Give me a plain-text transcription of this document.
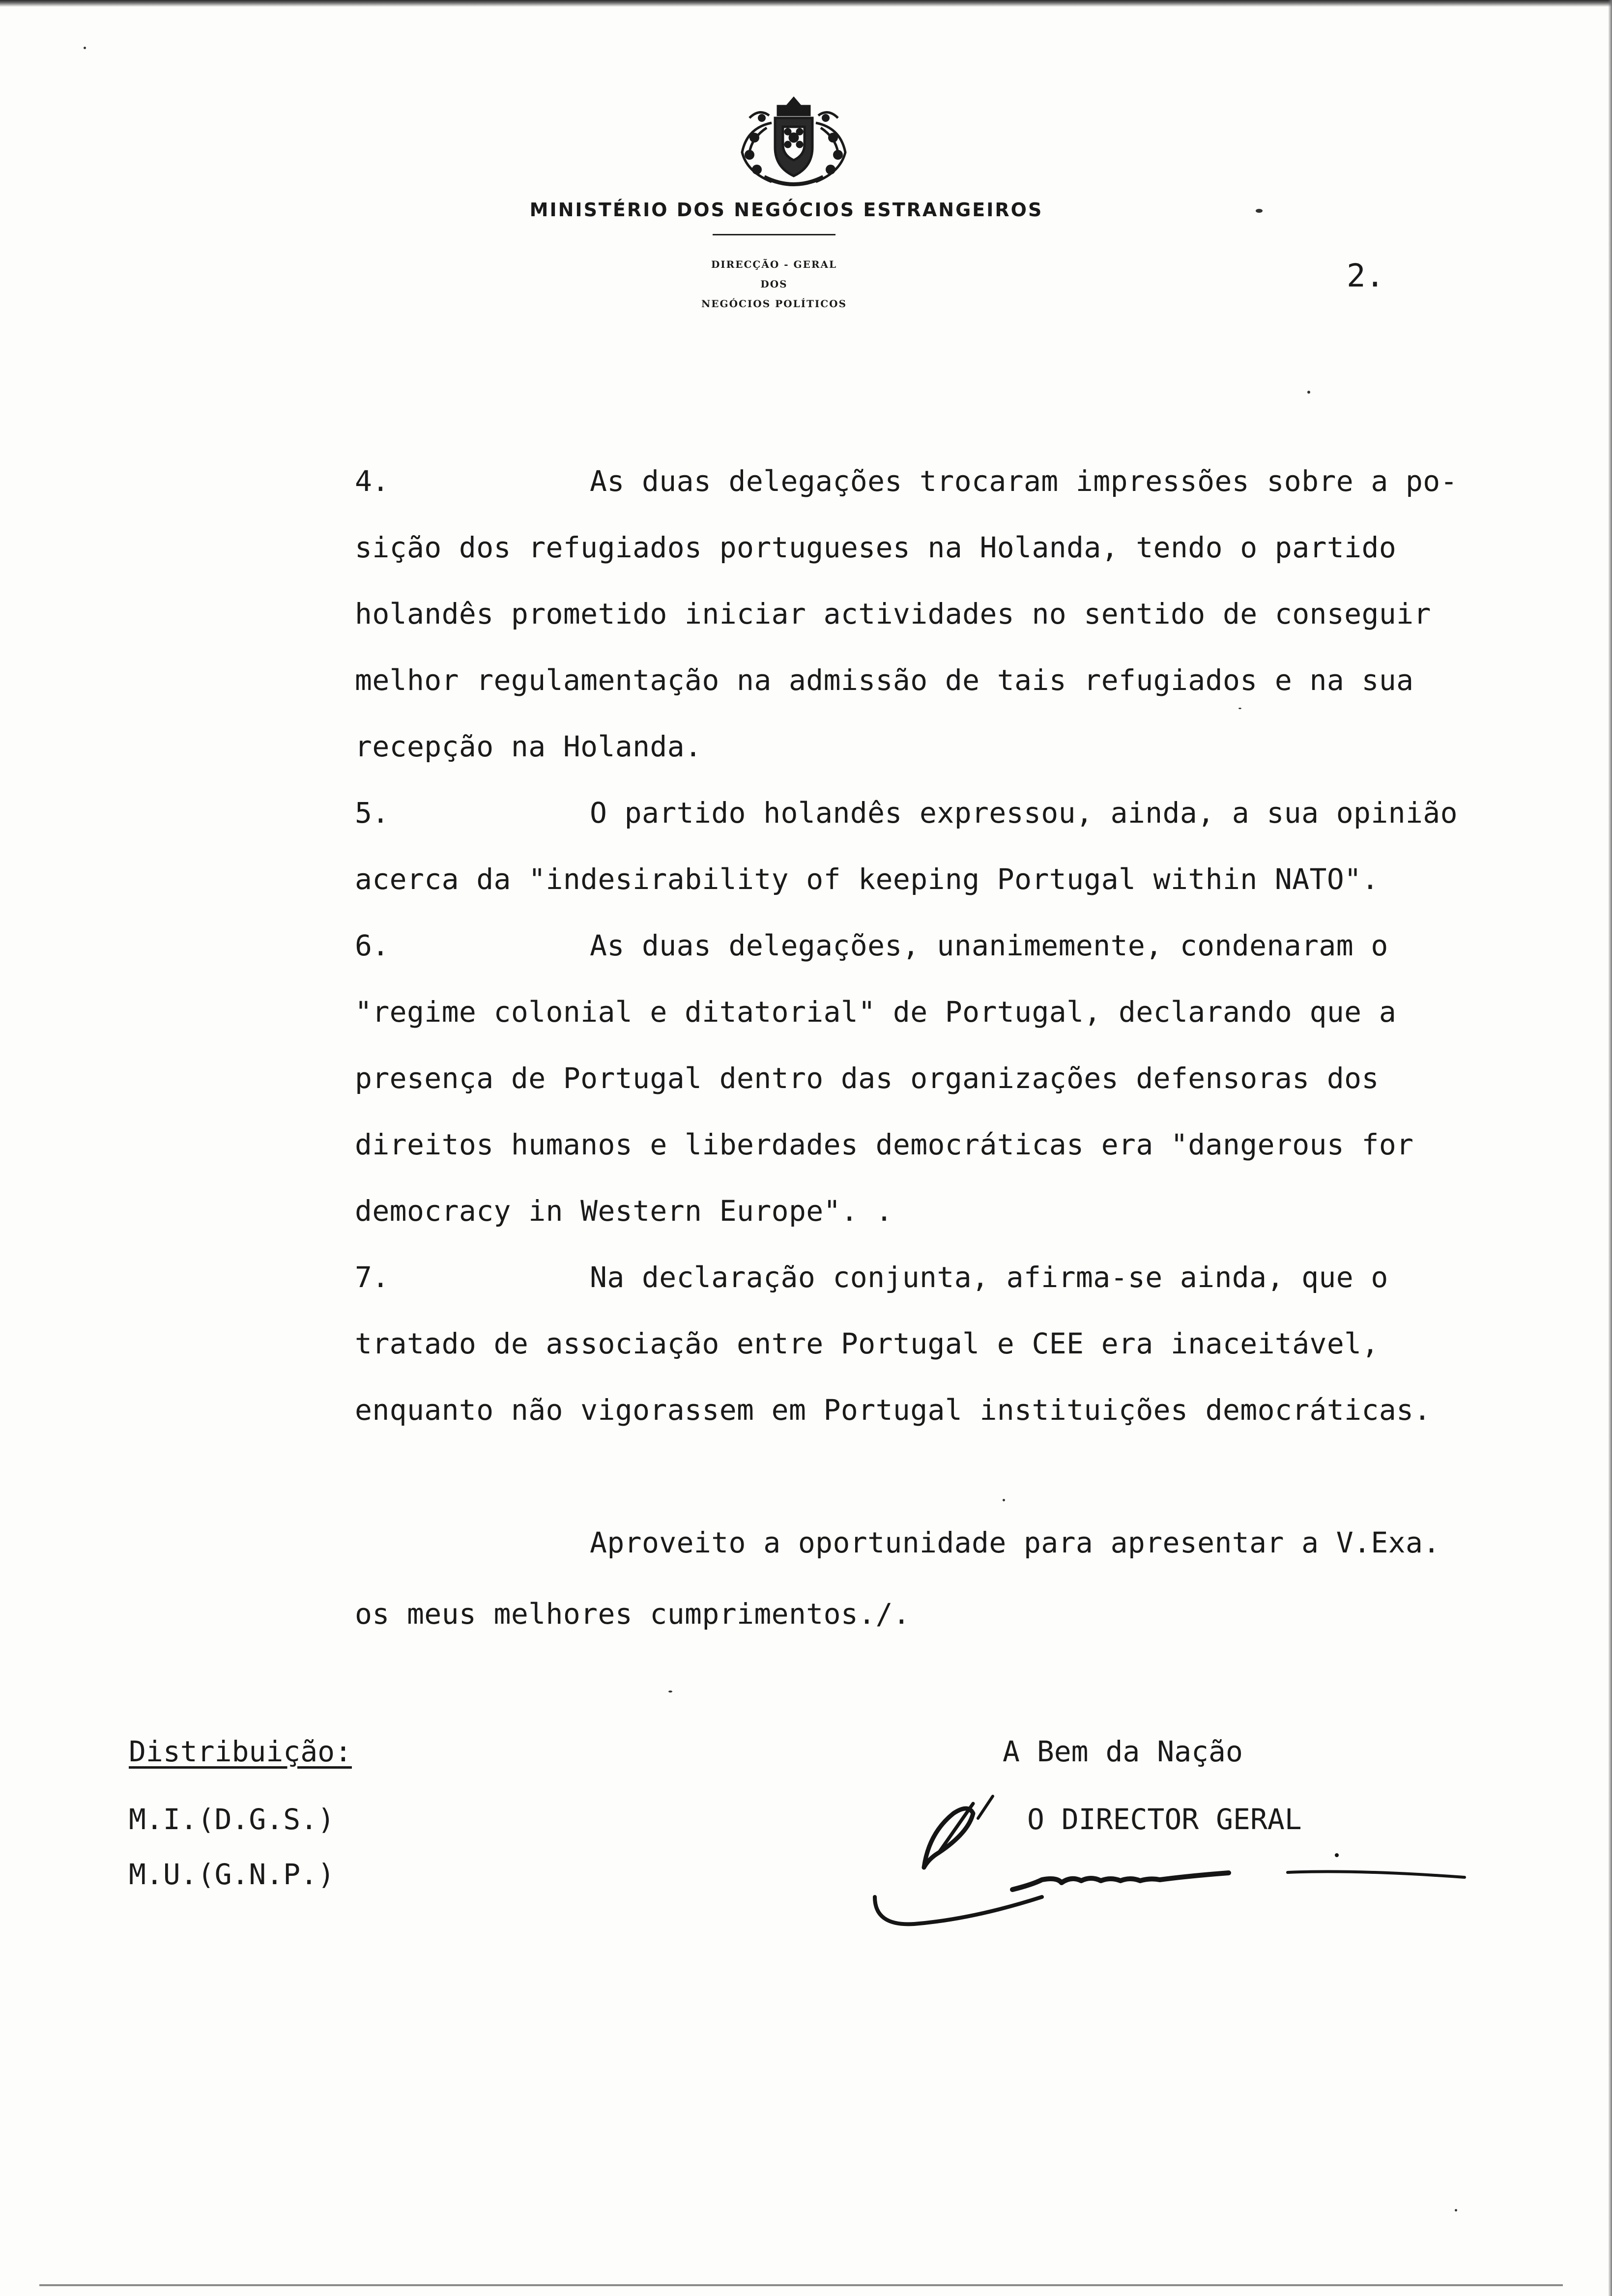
MINISTÉRIO DOS NEGÓCIOS ESTRANGEIROS
DIRECÇÃO - GERAL
DOS
NEGÓCIOS POLÍTICOS
2.
4.	As duas delegações trocaram impressões sobre a po-
sição dos refugiados portugueses na Holanda, tendo o partido
holandês prometido iniciar actividades no sentido de conseguir
melhor regulamentação na admissão de tais refugiados e na sua
recepção na Holanda.
5.	O partido holandês expressou, ainda, a sua opinião
acerca da "indesirability of keeping Portugal within NATO".
6.	As duas delegações, unanimemente, condenaram o
"regime colonial e ditatorial" de Portugal, declarando que a
presença de Portugal dentro das organizações defensoras dos
direitos humanos e liberdades democráticas era "dangerous for
democracy in Western Europe". .
7.	Na declaração conjunta, afirma-se ainda, que o
tratado de associação entre Portugal e CEE era inaceitável,
enquanto não vigorassem em Portugal instituições democráticas.
Aproveito a oportunidade para apresentar a V.Exa.
os meus melhores cumprimentos./.
Distribuição:
M.I.(D.G.S.)
M.U.(G.N.P.)
A Bem da Nação
O DIRECTOR GERAL
